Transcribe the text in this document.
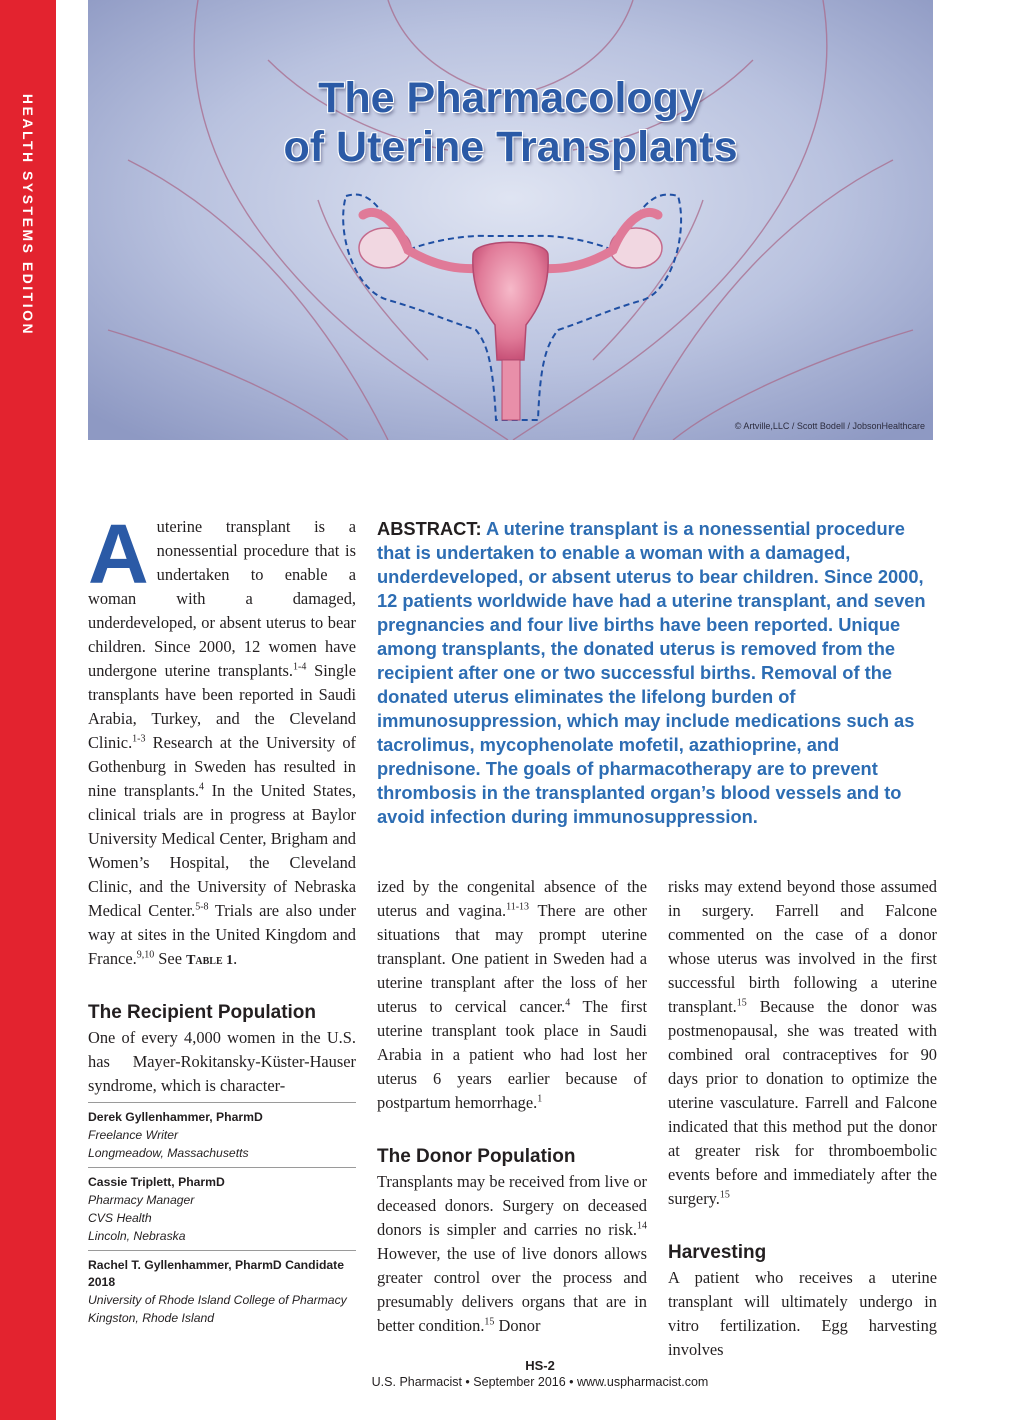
HEALTH SYSTEMS EDITION	The Pharmacology
of Uterine Transplants
© Artville,LLC / Scott Bodell / JobsonHealthcare
ABSTRACT: A uterine transplant is a nonessential procedure that is undertaken to enable a woman with a damaged, underdeveloped, or absent uterus to bear children. Since 2000, 12 patients worldwide have had a uterine transplant, and seven pregnancies and four live births have been reported. Unique among transplants, the donated uterus is removed from the recipient after one or two successful births. Removal of the donated uterus eliminates the lifelong burden of immunosuppression, which may include medications such as tacrolimus, mycophenolate mofetil, azathioprine, and prednisone. The goals of pharmacotherapy are to prevent thrombosis in the transplanted organ’s blood vessels and to avoid infection during immunosuppression.

Auterine transplant is a nonessential procedure that is undertaken to enable a woman with a damaged, underdeveloped, or absent uterus to bear children. Since 2000, 12 women have undergone uterine transplants.$^{1-4}$ Single transplants have been reported in Saudi Arabia, Turkey, and the Cleveland Clinic.$^{1-3}$ Research at the University of Gothenburg in Sweden has resulted in nine transplants.$^4$ In the United States, clinical trials are in progress at Baylor University Medical Center, Brigham and Women’s Hospital, the Cleveland Clinic, and the University of Nebraska Medical Center.$^{5-8}$ Trials are also under way at sites in the United Kingdom and France.$^{9,10}$ See Table 1.

The Recipient Population

One of every 4,000 women in the U.S. has Mayer-Rokitansky-Küster-Hauser syndrome, which is character-

ized by the congenital absence of the uterus and vagina.$^{11-13}$ There are other situations that may prompt uterine transplant. One patient in Sweden had a uterine transplant after the loss of her uterus to cervical cancer.$^4$ The first uterine transplant took place in Saudi Arabia in a patient who had lost her uterus 6 years earlier because of postpartum hemorrhage.$^1$

The Donor Population

Transplants may be received from live or deceased donors. Surgery on deceased donors is simpler and carries no risk.$^{14}$ However, the use of live donors allows greater control over the process and presumably delivers organs that are in better condition.$^{15}$ Donor

risks may extend beyond those assumed in surgery. Farrell and Falcone commented on the case of a donor whose uterus was involved in the first successful birth following a uterine transplant.$^{15}$ Because the donor was postmenopausal, she was treated with combined oral contraceptives for 90 days prior to donation to optimize the uterine vasculature. Farrell and Falcone indicated that this method put the donor at greater risk for thromboembolic events before and immediately after the surgery.$^{15}$

Harvesting

A patient who receives a uterine transplant will ultimately undergo in vitro fertilization. Egg harvesting involves

Derek Gyllenhammer, PharmD
Freelance Writer
Longmeadow, Massachusetts
Cassie Triplett, PharmD
Pharmacy Manager
CVS Health
Lincoln, Nebraska
Rachel T. Gyllenhammer, PharmD Candidate 2018
University of Rhode Island College of Pharmacy
Kingston, Rhode Island
HS-2
U.S. Pharmacist • September 2016 • www.uspharmacist.com
